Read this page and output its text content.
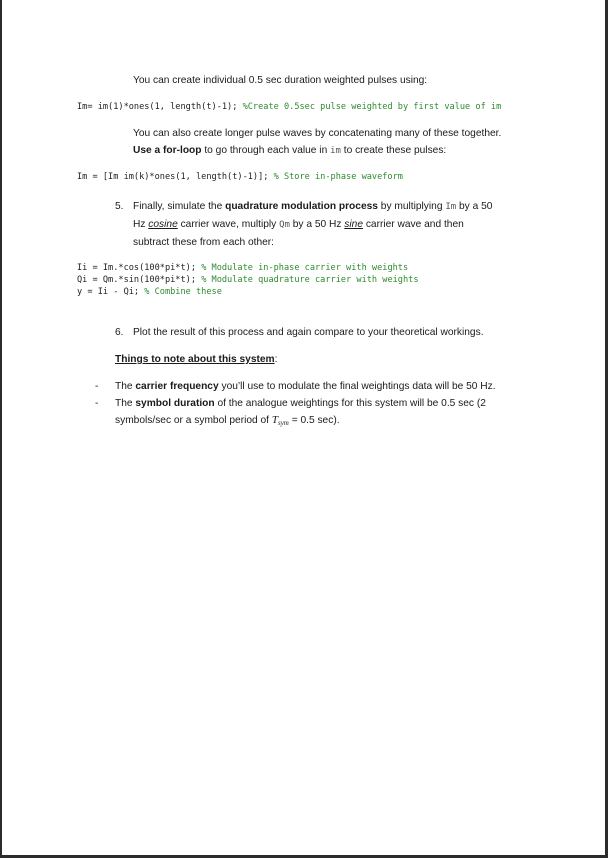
You can create individual 0.5 sec duration weighted pulses using:
Im= im(1)*ones(1, length(t)-1); %Create 0.5sec pulse weighted by first value of im
You can also create longer pulse waves by concatenating many of these together.
Use a for-loop to go through each value in im to create these pulses:
Im = [Im im(k)*ones(1, length(t)-1)]; % Store in-phase waveform
5. Finally, simulate the quadrature modulation process by multiplying Im by a 50
Hz cosine carrier wave, multiply Qm by a 50 Hz sine carrier wave and then
subtract these from each other:
Ii = Im.*cos(100*pi*t); % Modulate in-phase carrier with weights
Qi = Qm.*sin(100*pi*t); % Modulate quadrature carrier with weights
y = Ii - Qi; % Combine these
6. Plot the result of this process and again compare to your theoretical workings.
Things to note about this system:
- The carrier frequency you’ll use to modulate the final weightings data will be 50 Hz.
- The symbol duration of the analogue weightings for this system will be 0.5 sec (2
symbols/sec or a symbol period of $T_{sym} = 0.5$ sec).
